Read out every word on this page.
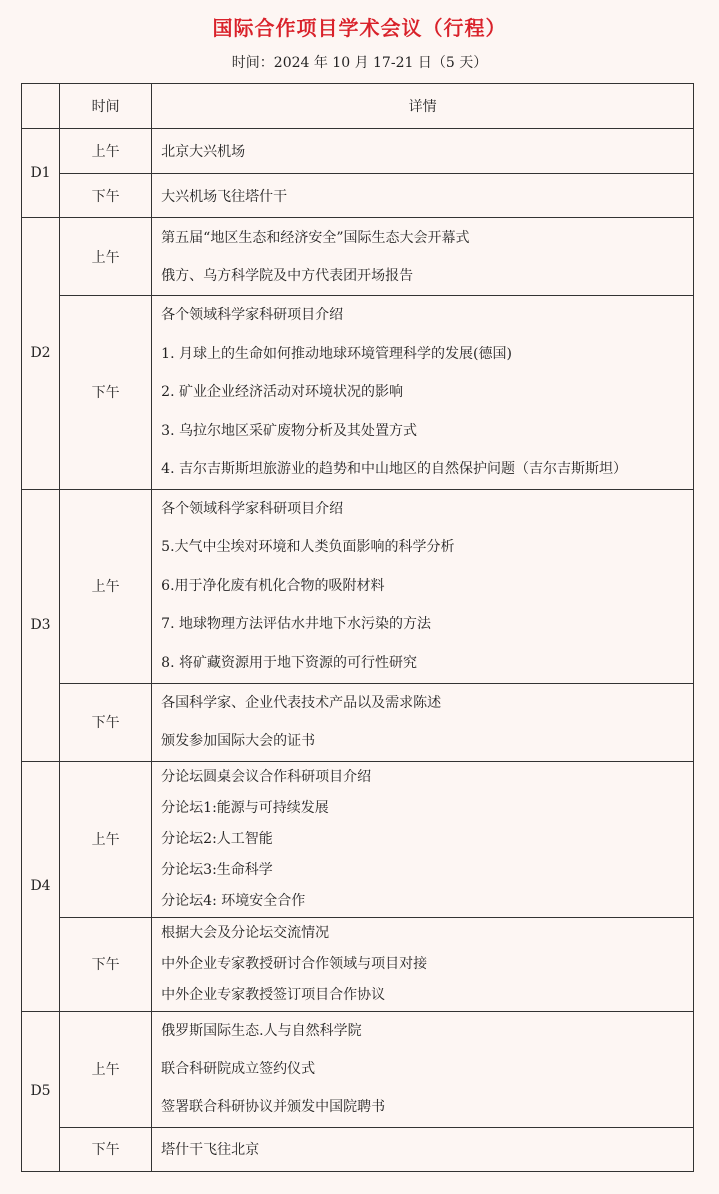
国际合作项目学术会议（行程）
时间：2024 年 10 月 17-21 日（5 天）
	时间	详情
D1	上午	北京大兴机场

	下午	大兴机场飞往塔什干

D2	上午	第五届“地区生态和经济安全”国际生态大会开幕式
俄方、乌方科学院及中方代表团开场报告

	下午	各个领域科学家科研项目介绍
1. 月球上的生命如何推动地球环境管理科学的发展(德国)
2. 矿业企业经济活动对环境状况的影响
3. 乌拉尔地区采矿废物分析及其处置方式
4. 吉尔吉斯斯坦旅游业的趋势和中山地区的自然保护问题（吉尔吉斯斯坦）

D3	上午	各个领域科学家科研项目介绍
5.大气中尘埃对环境和人类负面影响的科学分析
6.用于净化废有机化合物的吸附材料
7. 地球物理方法评估水井地下水污染的方法
8. 将矿藏资源用于地下资源的可行性研究

	下午	各国科学家、企业代表技术产品以及需求陈述
颁发参加国际大会的证书

D4	上午	分论坛圆桌会议合作科研项目介绍
分论坛1:能源与可持续发展
分论坛2:人工智能
分论坛3:生命科学
分论坛4: 环境安全合作

	下午	根据大会及分论坛交流情况
中外企业专家教授研讨合作领域与项目对接
中外企业专家教授签订项目合作协议

D5	上午	俄罗斯国际生态.人与自然科学院
联合科研院成立签约仪式
签署联合科研协议并颁发中国院聘书

	下午	塔什干飞往北京
